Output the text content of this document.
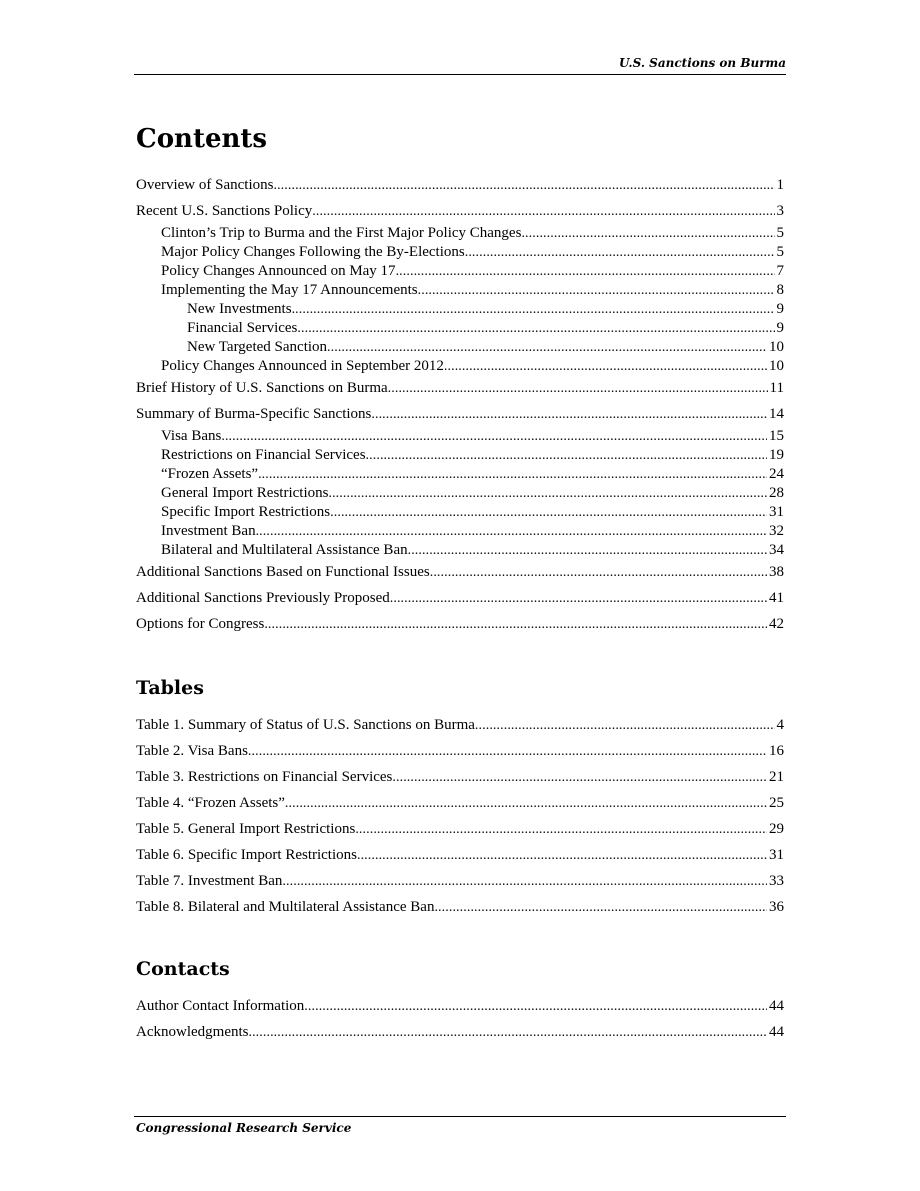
U.S. Sanctions on Burma
Contents
Overview of Sanctions . . .	1
Recent U.S. Sanctions Policy . . .	3
Clinton’s Trip to Burma and the First Major Policy Changes . . .	5
Major Policy Changes Following the By-Elections . . .	5
Policy Changes Announced on May 17 . . .	7
Implementing the May 17 Announcements . . .	8
New Investments . . .	9
Financial Services . . .	9
New Targeted Sanction . . .	10
Policy Changes Announced in September 2012 . . .	10
Brief History of U.S. Sanctions on Burma . . .	11
Summary of Burma-Specific Sanctions . . .	14
Visa Bans . . .	15
Restrictions on Financial Services . . .	19
“Frozen Assets” . . .	24
General Import Restrictions . . .	28
Specific Import Restrictions . . .	31
Investment Ban . . .	32
Bilateral and Multilateral Assistance Ban . . .	34
Additional Sanctions Based on Functional Issues . . .	38
Additional Sanctions Previously Proposed . . .	41
Options for Congress . . .	42
Tables
Table 1. Summary of Status of U.S. Sanctions on Burma . . .	4
Table 2. Visa Bans . . .	16
Table 3. Restrictions on Financial Services . . .	21
Table 4. “Frozen Assets” . . .	25
Table 5. General Import Restrictions . . .	29
Table 6. Specific Import Restrictions . . .	31
Table 7. Investment Ban . . .	33
Table 8. Bilateral and Multilateral Assistance Ban . . .	36
Contacts
Author Contact Information . . .	44
Acknowledgments . . .	44
Congressional Research Service
